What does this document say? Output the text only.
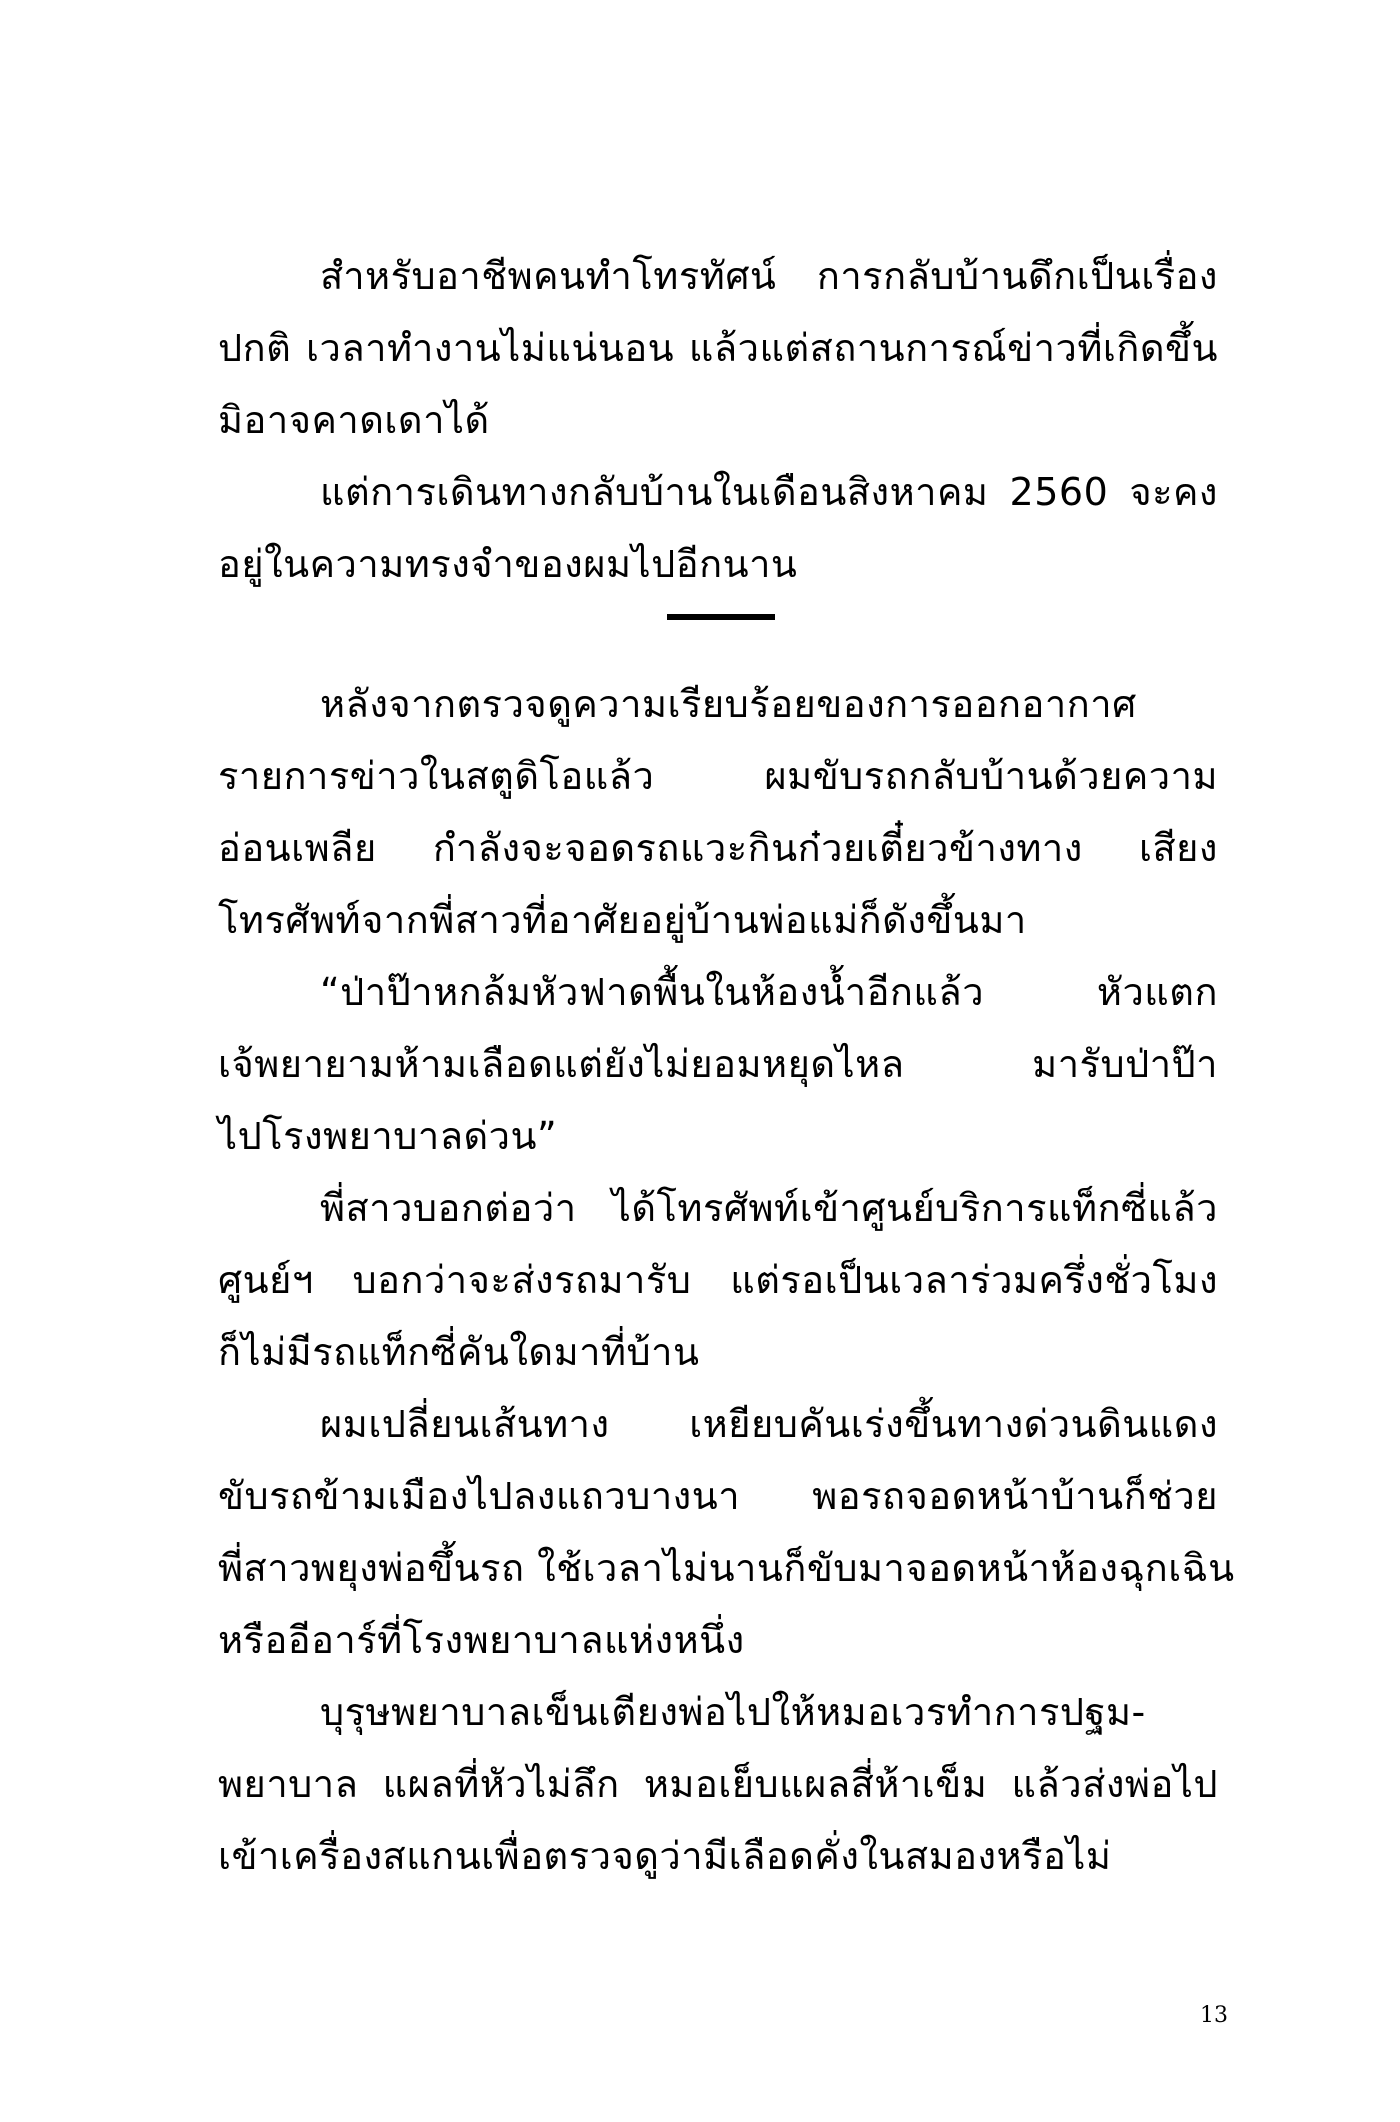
สำหรับอาชีพคนทำโทรทัศน์ การกลับบ้านดึกเป็นเรื่อง
ปกติ เวลาทำงานไม่แน่นอน แล้วแต่สถานการณ์ข่าวที่เกิดขึ้น
มิอาจคาดเดาได้
แต่การเดินทางกลับบ้านในเดือนสิงหาคม 2560 จะคง
อยู่ในความทรงจำของผมไปอีกนาน
หลังจากตรวจดูความเรียบร้อยของการออกอากาศ
รายการข่าวในสตูดิโอแล้ว ผมขับรถกลับบ้านด้วยความ
อ่อนเพลีย กำลังจะจอดรถแวะกินก๋วยเตี๋ยวข้างทาง เสียง
โทรศัพท์จากพี่สาวที่อาศัยอยู่บ้านพ่อแม่ก็ดังขึ้นมา
“ป่าป๊าหกล้มหัวฟาดพื้นในห้องน้ำอีกแล้ว หัวแตก
เจ้พยายามห้ามเลือดแต่ยังไม่ยอมหยุดไหล มารับป่าป๊า
ไปโรงพยาบาลด่วน”
พี่สาวบอกต่อว่า ได้โทรศัพท์เข้าศูนย์บริการแท็กซี่แล้ว
ศูนย์ฯ บอกว่าจะส่งรถมารับ แต่รอเป็นเวลาร่วมครึ่งชั่วโมง
ก็ไม่มีรถแท็กซี่คันใดมาที่บ้าน
ผมเปลี่ยนเส้นทาง เหยียบคันเร่งขึ้นทางด่วนดินแดง
ขับรถข้ามเมืองไปลงแถวบางนา พอรถจอดหน้าบ้านก็ช่วย
พี่สาวพยุงพ่อขึ้นรถ ใช้เวลาไม่นานก็ขับมาจอดหน้าห้องฉุกเฉิน
หรืออีอาร์ที่โรงพยาบาลแห่งหนึ่ง
บุรุษพยาบาลเข็นเตียงพ่อไปให้หมอเวรทำการปฐม-
พยาบาล แผลที่หัวไม่ลึก หมอเย็บแผลสี่ห้าเข็ม แล้วส่งพ่อไป
เข้าเครื่องสแกนเพื่อตรวจดูว่ามีเลือดคั่งในสมองหรือไม่
13
